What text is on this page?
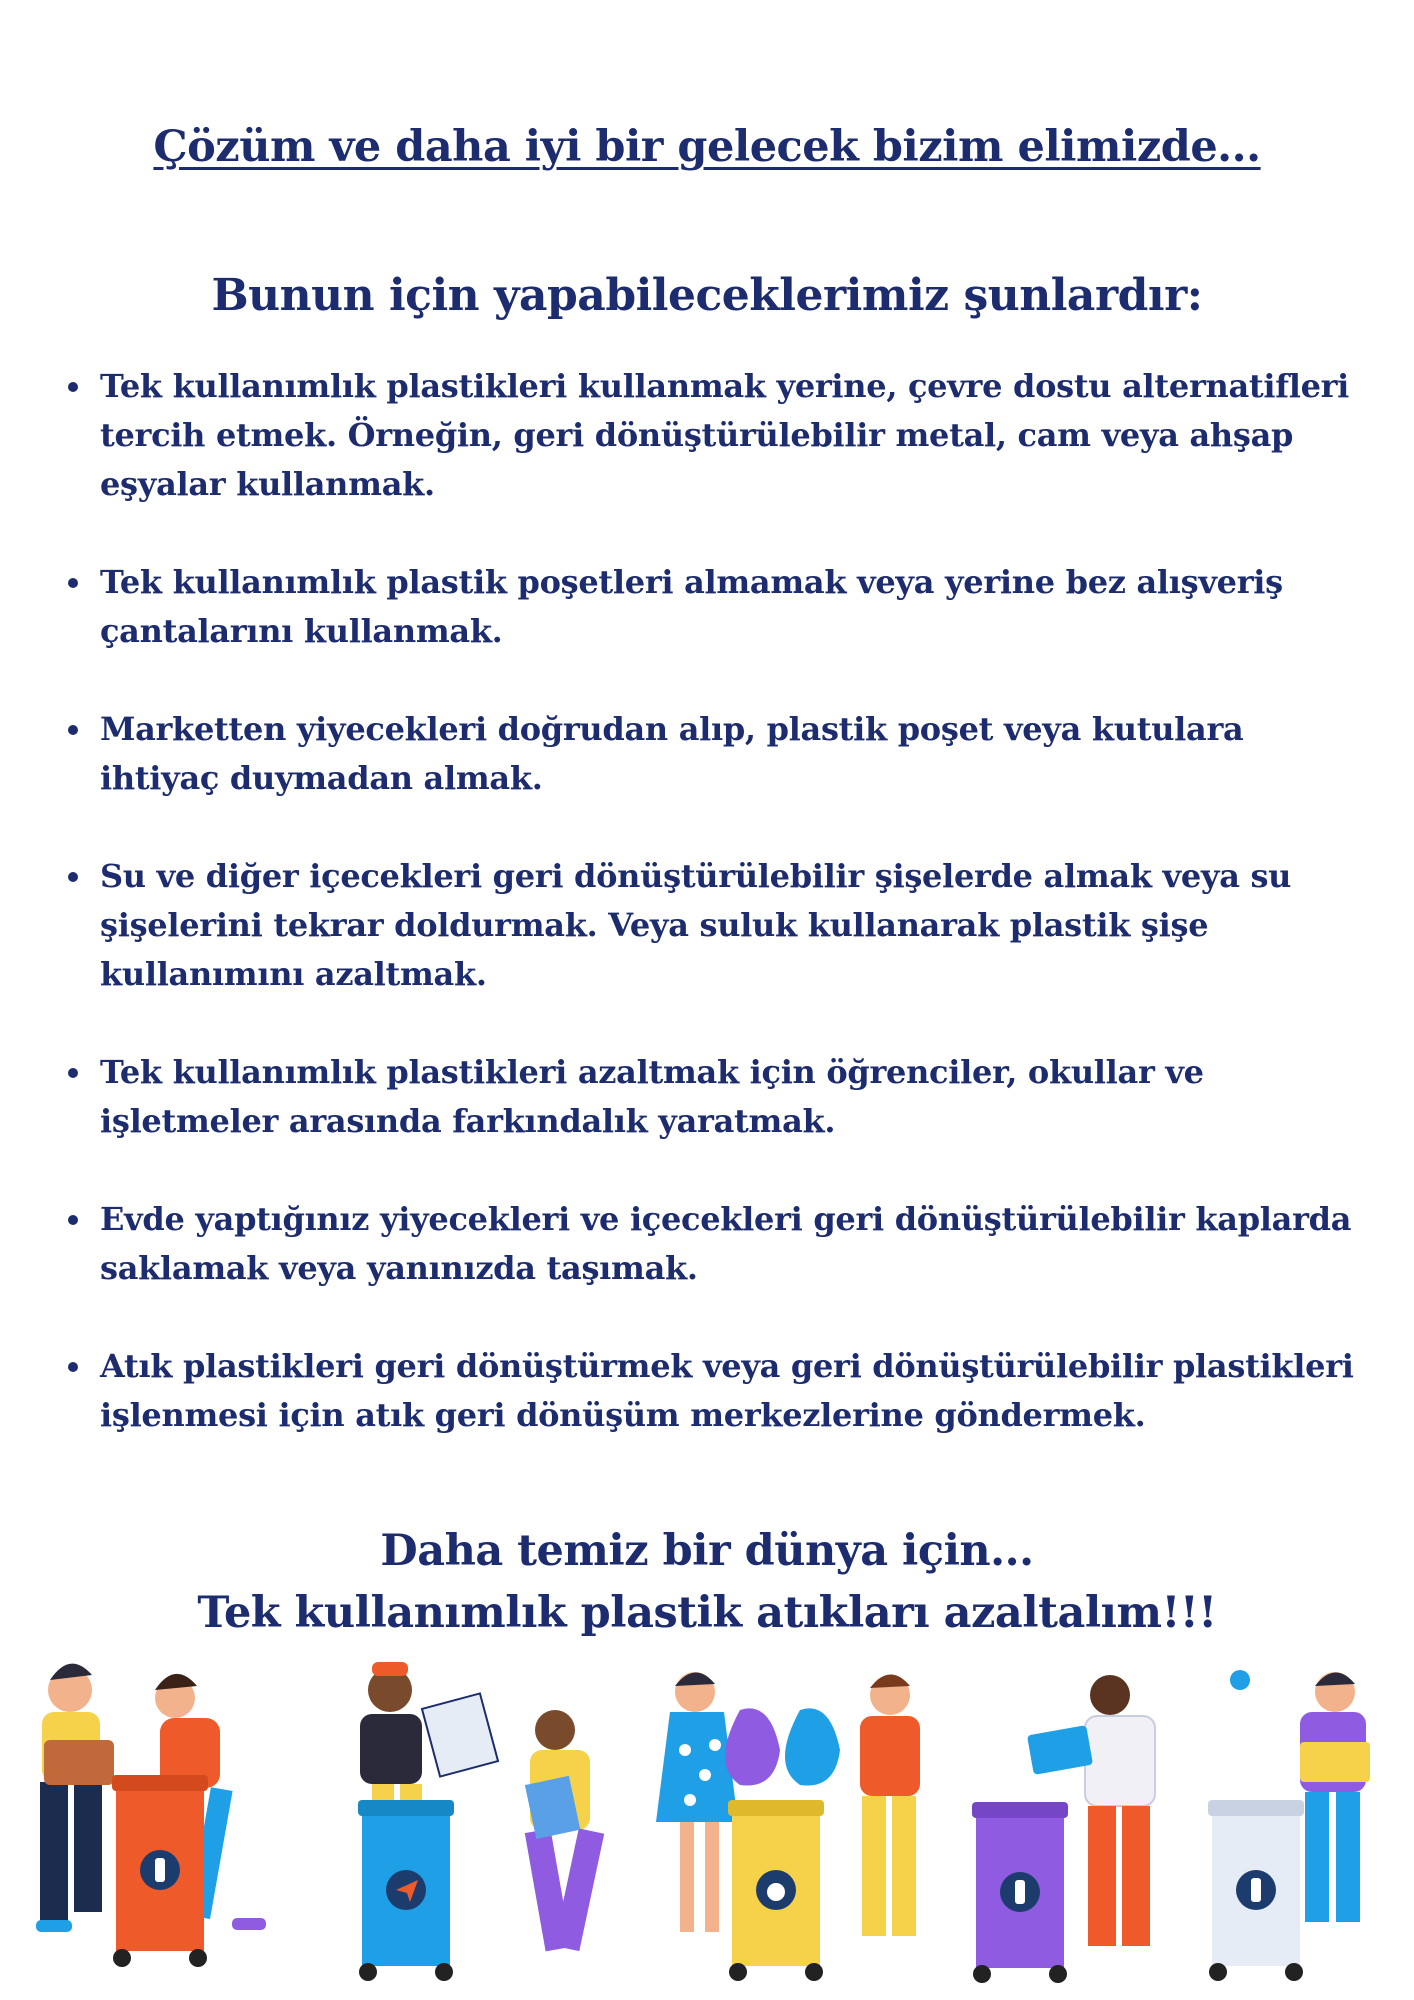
Çözüm ve daha iyi bir gelecek bizim elimizde...
Bunun için yapabileceklerimiz şunlardır:
Tek kullanımlık plastikleri kullanmak yerine, çevre dostu alternatifleri tercih etmek. Örneğin, geri dönüştürülebilir metal, cam veya ahşap eşyalar kullanmak.
Tek kullanımlık plastik poşetleri almamak veya yerine bez alışveriş çantalarını kullanmak.
Marketten yiyecekleri doğrudan alıp, plastik poşet veya kutulara ihtiyaç duymadan almak.
Su ve diğer içecekleri geri dönüştürülebilir şişelerde almak veya su şişelerini tekrar doldurmak. Veya suluk kullanarak plastik şişe kullanımını azaltmak.
Tek kullanımlık plastikleri azaltmak için öğrenciler, okullar ve işletmeler arasında farkındalık yaratmak.
Evde yaptığınız yiyecekleri ve içecekleri geri dönüştürülebilir kaplarda saklamak veya yanınızda taşımak.
Atık plastikleri geri dönüştürmek veya geri dönüştürülebilir plastikleri işlenmesi için atık geri dönüşüm merkezlerine göndermek.
Daha temiz bir dünya için...
Tek kullanımlık plastik atıkları azaltalım!!!
